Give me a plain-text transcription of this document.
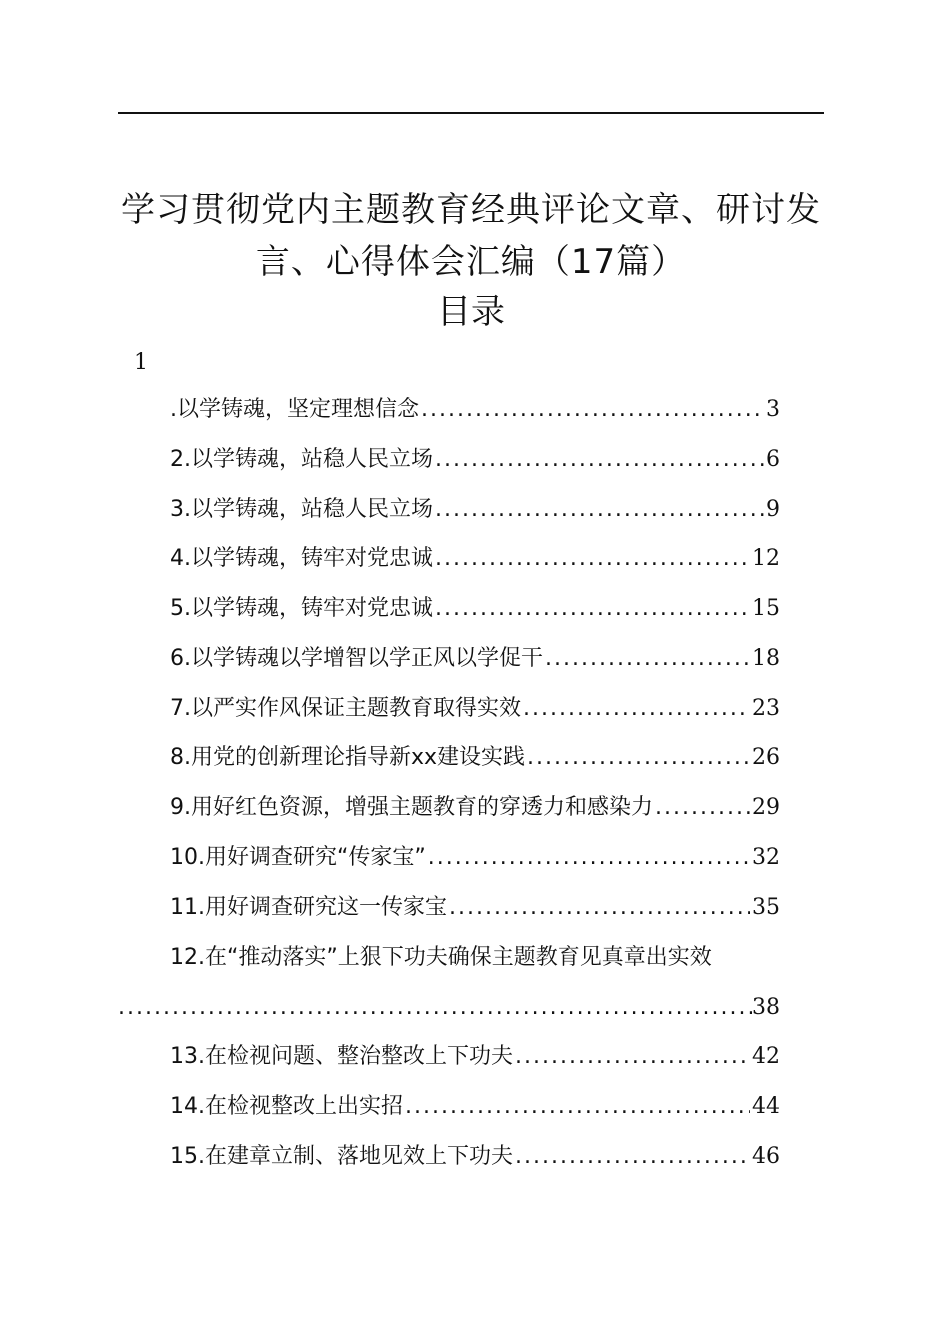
学习贯彻党内主题教育经典评论文章、研讨发
言、心得体会汇编（17篇）
目录
1
.以学铸魂，坚定理想信念 .....	3
2.以学铸魂，站稳人民立场 .....	6
3.以学铸魂，站稳人民立场 .....	9
4.以学铸魂，铸牢对党忠诚 .....	12
5.以学铸魂，铸牢对党忠诚 .....	15
6.以学铸魂以学增智以学正风以学促干 .....	18
7.以严实作风保证主题教育取得实效 .....	23
8.用党的创新理论指导新xx建设实践 .....	26
9.用好红色资源，增强主题教育的穿透力和感染力 .....	29
10.用好调查研究“传家宝” .....	32
11.用好调查研究这一传家宝 .....	35
12.在“推动落实”上狠下功夫确保主题教育见真章出实效
.....
38
13.在检视问题、整治整改上下功夫 .....	42
14.在检视整改上出实招 .....	44
15.在建章立制、落地见效上下功夫 .....	46
